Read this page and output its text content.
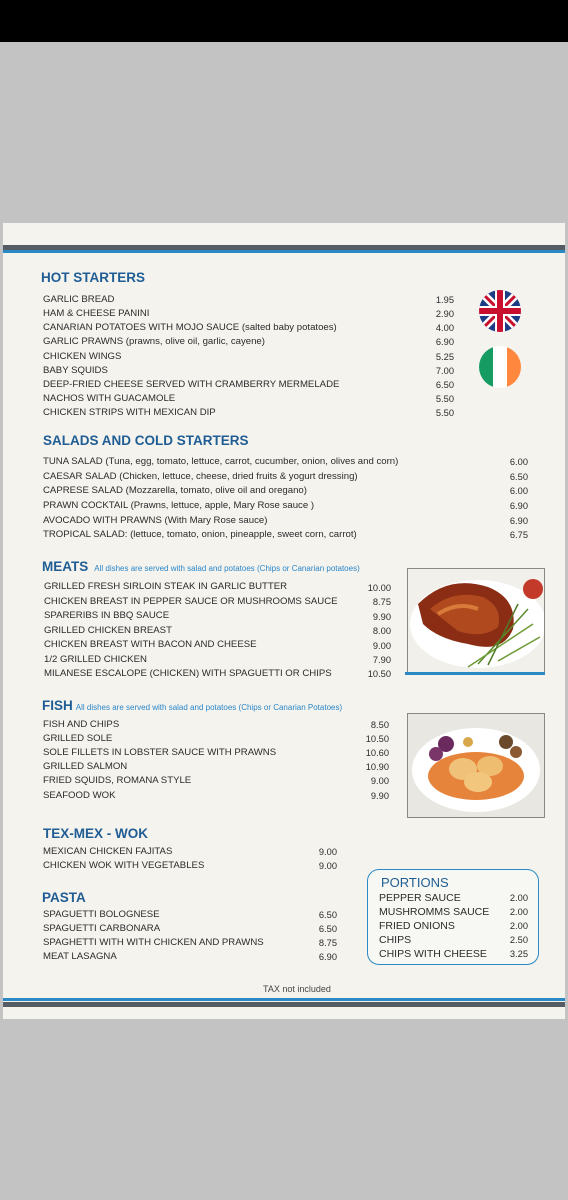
HOT STARTERS
GARLIC BREAD
HAM & CHEESE PANINI
CANARIAN POTATOES WITH MOJO SAUCE (salted baby potatoes)
GARLIC PRAWNS (prawns, olive oil, garlic, cayene)
CHICKEN WINGS
BABY SQUIDS
DEEP-FRIED CHEESE SERVED WITH CRAMBERRY MERMELADE
NACHOS WITH GUACAMOLE
CHICKEN STRIPS WITH MEXICAN DIP
1.95
2.90
4.00
6.90
5.25
7.00
6.50
5.50
5.50
SALADS AND COLD STARTERS
TUNA SALAD (Tuna, egg, tomato, lettuce, carrot, cucumber, onion, olives and corn)
CAESAR SALAD (Chicken, lettuce, cheese, dried fruits & yogurt dressing)
CAPRESE SALAD (Mozzarella, tomato, olive oil and oregano)
PRAWN COCKTAIL (Prawns, lettuce, apple, Mary Rose sauce )
AVOCADO WITH PRAWNS (With Mary Rose sauce)
TROPICAL SALAD: (lettuce, tomato, onion, pineapple, sweet corn, carrot)
6.00
6.50
6.00
6.90
6.90
6.75
MEATS All dishes are served with salad and potatoes (Chips or Canarian potatoes)
GRILLED FRESH SIRLOIN STEAK IN GARLIC BUTTER
CHICKEN BREAST IN PEPPER SAUCE OR MUSHROOMS SAUCE
SPARERIBS IN BBQ SAUCE
GRILLED CHICKEN BREAST
CHICKEN BREAST WITH BACON AND CHEESE
1/2 GRILLED CHICKEN
MILANESE ESCALOPE (CHICKEN) WITH SPAGUETTI OR CHIPS
10.00
8.75
9.90
8.00
9.00
7.90
10.50
FISH All dishes are served with salad and potatoes (Chips or Canarian Potatoes)
FISH AND CHIPS
GRILLED SOLE
SOLE FILLETS IN LOBSTER SAUCE WITH PRAWNS
GRILLED SALMON
FRIED SQUIDS, ROMANA STYLE
SEAFOOD WOK
8.50
10.50
10.60
10.90
9.00
9.90
TEX-MEX - WOK
MEXICAN CHICKEN FAJITAS
CHICKEN WOK WITH VEGETABLES
9.00
9.00
PASTA
SPAGUETTI BOLOGNESE
SPAGUETTI CARBONARA
SPAGHETTI WITH WITH CHICKEN AND PRAWNS
MEAT LASAGNA
6.50
6.50
8.75
6.90
PORTIONS
PEPPER SAUCE
MUSHROMMS SAUCE
FRIED ONIONS
CHIPS
CHIPS WITH CHEESE
2.00
2.00
2.00
2.50
3.25
TAX not included
